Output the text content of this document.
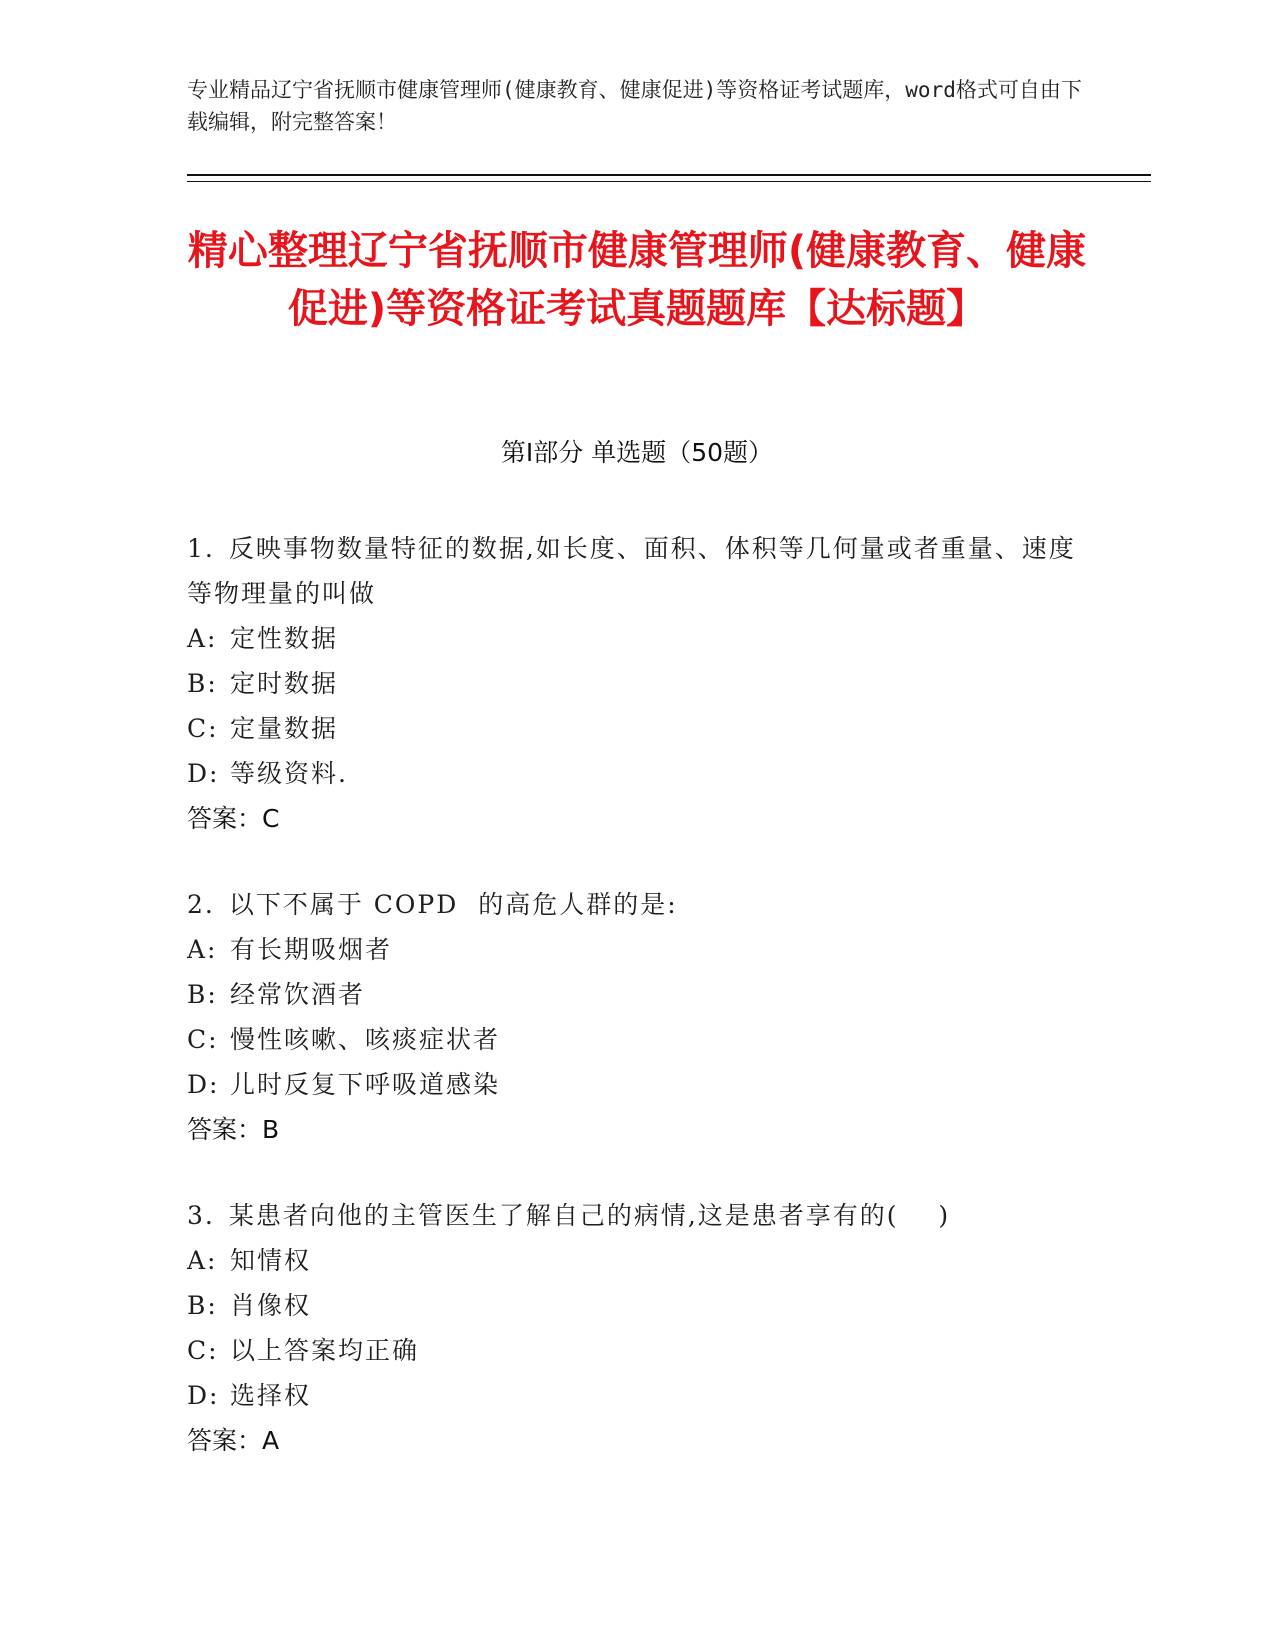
专业精品辽宁省抚顺市健康管理师(健康教育、健康促进)等资格证考试题库，word格式可自由下载编辑，附完整答案！
精心整理辽宁省抚顺市健康管理师(健康教育、健康促进)等资格证考试真题题库【达标题】
第Ⅰ部分 单选题（50题）
1. 反映事物数量特征的数据,如长度、面积、体积等几何量或者重量、速度等物理量的叫做
A: 定性数据
B: 定时数据
C: 定量数据
D: 等级资料.
答案：C
2. 以下不属于 COPD  的高危人群的是:
A: 有长期吸烟者
B: 经常饮酒者
C: 慢性咳嗽、咳痰症状者
D: 儿时反复下呼吸道感染
答案：B
3. 某患者向他的主管医生了解自己的病情,这是患者享有的(    )
A: 知情权
B: 肖像权
C: 以上答案均正确
D: 选择权
答案：A
